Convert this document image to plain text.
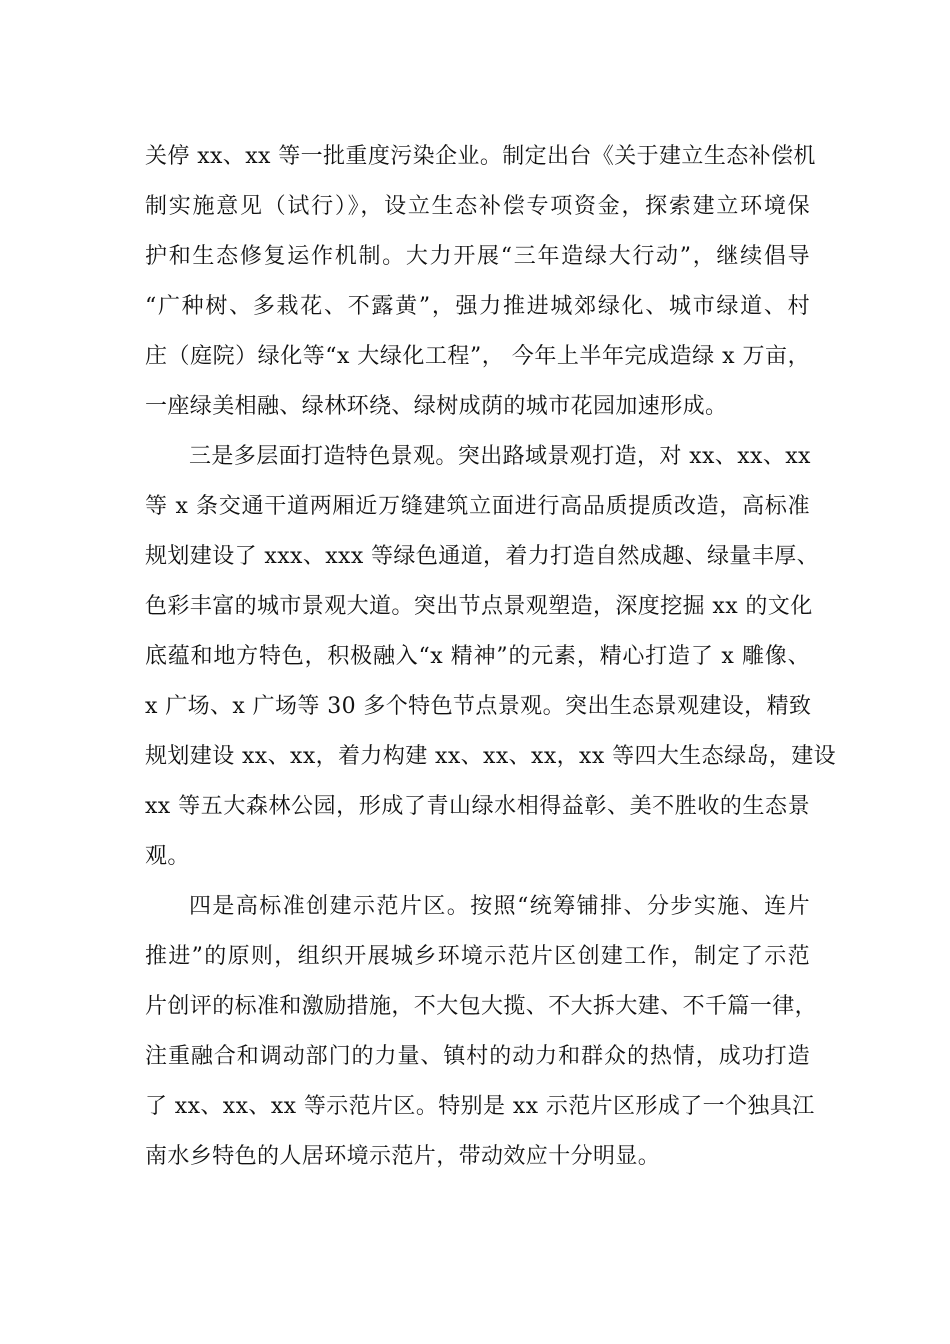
关停 xx、xx 等一批重度污染企业。制定出台《关于建立生态补偿机
制实施意见（试行）》，设立生态补偿专项资金，探索建立环境保
护和生态修复运作机制。大力开展“三年造绿大行动”，继续倡导
“广种树、多栽花、不露黄”，强力推进城郊绿化、城市绿道、村
庄（庭院）绿化等“x 大绿化工程”， 今年上半年完成造绿 x 万亩，
一座绿美相融、绿林环绕、绿树成荫的城市花园加速形成。
三是多层面打造特色景观。突出路域景观打造，对 xx、xx、xx
等 x 条交通干道两厢近万缝建筑立面进行高品质提质改造，高标准
规划建设了 xxx、xxx 等绿色通道，着力打造自然成趣、绿量丰厚、
色彩丰富的城市景观大道。突出节点景观塑造，深度挖掘 xx 的文化
底蕴和地方特色，积极融入“x 精神”的元素，精心打造了 x 雕像、
x 广场、x 广场等 30 多个特色节点景观。突出生态景观建设，精致
规划建设 xx、xx，着力构建 xx、xx、xx，xx 等四大生态绿岛，建设
xx 等五大森林公园，形成了青山绿水相得益彰、美不胜收的生态景
观。
四是高标准创建示范片区。按照“统筹铺排、分步实施、连片
推进”的原则，组织开展城乡环境示范片区创建工作，制定了示范
片创评的标准和激励措施，不大包大揽、不大拆大建、不千篇一律，
注重融合和调动部门的力量、镇村的动力和群众的热情，成功打造
了 xx、xx、xx 等示范片区。特别是 xx 示范片区形成了一个独具江
南水乡特色的人居环境示范片，带动效应十分明显。
